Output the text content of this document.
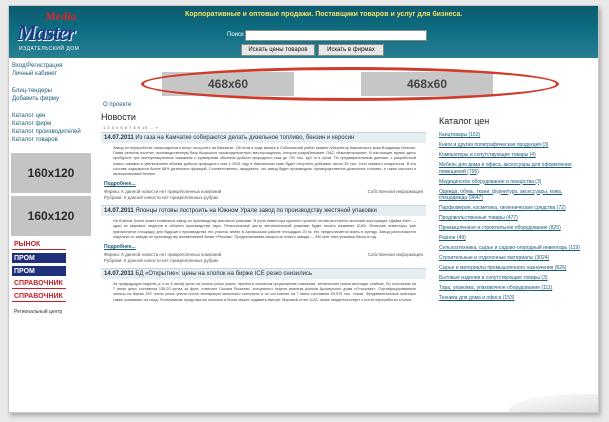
Media
Master
ИЗДАТЕЛЬСКИЙ ДОМ
Корпоративные и оптовые продажи. Поставщики товаров и услуг для бизнеса.
Поиск
Искать цены товаров	Искать в фирмах
Вход/Регистрация
Личный кабинет
Блиц-тендеры
Добавить фирму
Каталог цен
Каталог фирм
Каталог производителей
Каталог товаров
160x120
160x120
РЫНОК
ПРОМ
ПРОМ
СПРАВОЧНИК
СПРАВОЧНИК
Региональный центр
468x60	468x60
О проекте
Новости
1 2 3 4 5 6 7 8 9 10 ... »
14.07.2011 Из газа на Камчатке собираются делать дизельное топливо, бензин и керосин
Завод по переработке газоконденсата могут построить на Камчатке. Об этом в ходе визита в Соболевский район заявил губернатор Камчатского края Владимир Илюхин. Глава региона посетил производственную базу Кшукского газоконденсатного месторождения, которое разрабатывает ОАО «Камчатгазпром». В настоящее время здесь пробурено три эксплуатационные скважины с суммарным объемом добычи природного газа до 700 тыс. куб. м в сутки. По предварительным данным, с разработкой новых скважин и увеличением объема добычи природного газа к 2015 году в Камчатском крае будет получено добывать около 35 тыс. тонн газового конденсата. В его составе содержатся более 88% дизельных фракций. Соответственно, ожидается, что завод будет производить преимущественно дизельное топливо, а также керосин и низкооктановый бензин.
Подробнее...
Фирмы: К данной новости нет прикрепленных компаний
Рубрики: К данной новости нет прикрепленных рубрик
Собственная информация
14.07.2011 Японцы готовы построить на Южном Урале завод по производству жестяной упаковки
На Южном Урале может появиться завод по производству жестяной упаковки. В роли инвестора крупного проекта готова выступить японская корпорация «Дайва Кан» — один из мировых лидеров в области производства тары. Региональный центр металлической упаковки будет носить название ICAN. Японские инвесторы уже присмотрели площадку для будущего производства это участок земли в Аргаяшском районе площадью 20 га, его предполагается взять в аренду. Завод расположится недалеко от завода по производству алюминиевой банки «Рексам». Предполагаемая мощность нового завода — 300 млн тонн упаковки банок в год.
Подробнее...
Фирмы: К данной новости нет прикрепленных компаний
Рубрики: К данной новости нет прикрепленных рубрик
Собственная информация
14.07.2011 БД «Открытие»: цены на хлопок на бирже ICE резко снизились
За предыдущую неделю (с 4 по 8 июля) цены на хлопок резко упали, причем в основном продолжение снижения, технические рынки выглядят слабым. По состоянию на 7 июля цены составили 136,20 цента за фунт, отмечает Оксана Рыженко, специалист отдела анализа рынков Брокерского дома «Открытие». Сертифицированные запасы на бирже ICE очень резко упали после экспирации июльского контракта и по состоянию на 7 июля составили 53,975 тыс. тюков. Фундаментальные факторы также указывают на спад. Пользование продолжится сильные в Китае может подавить импорт. Мировой отчет ICAC также свидетельствует о росте переработки хлопка.
Каталог цен
Канцтовары (152)
Книги и другая полиграфическая продукция (3)
Компьютеры и сопутствующие товары (4)
Мебель для дома и офиса, аксессуары для оформления помещений (795)
Медицинское оборудование и лекарства (3)
Одежда, обувь, ткани, фурнитура, аксессуары, кожа, спецодежда (9647)
Парфюмерия, косметика, гигиенические средства (72)
Продовольственные товары (477)
Промышленное и строительное оборудование (825)
Разное (49)
Сельхозтехника, сырье и садово-огородный инвентарь (119)
Строительные и отделочные материалы (3024)
Сырье и материалы промышленного назначения (826)
Бытовые изделия и сопутствующие товары (3)
Тара, упаковка, упаковочное оборудование (111)
Техника для дома и офиса (153)
